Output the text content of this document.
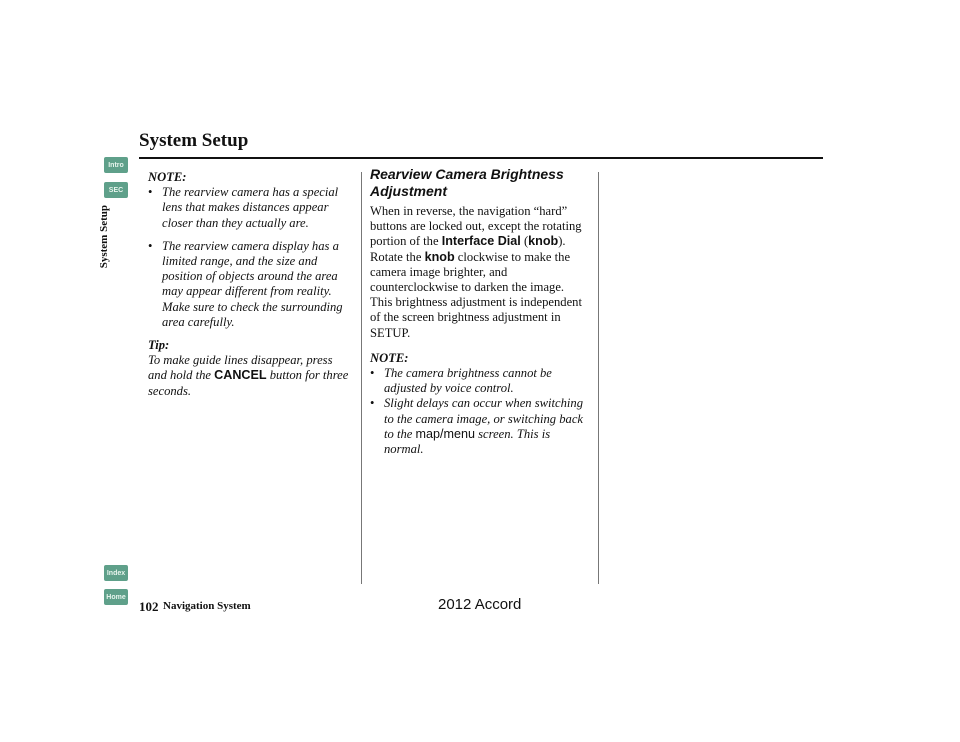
System Setup
Intro
SEC
System Setup
Index
Home
NOTE:
• The rearview camera has a special lens that makes distances appear closer than they actually are.
• The rearview camera display has a limited range, and the size and position of objects around the area may appear different from reality. Make sure to check the surrounding area carefully.
Tip:

To make guide lines disappear, press and hold the CANCEL button for three seconds.

Rearview Camera Brightness Adjustment

When in reverse, the navigation “hard” buttons are locked out, except the rotating portion of the Interface Dial (knob). Rotate the knob clockwise to make the camera image brighter, and counterclockwise to darken the image. This brightness adjustment is independent of the screen brightness adjustment in SETUP.

NOTE:
• The camera brightness cannot be adjusted by voice control.
• Slight delays can occur when switching to the camera image, or switching back to the map/menu screen. This is normal.
102 Navigation System	2012 Accord
